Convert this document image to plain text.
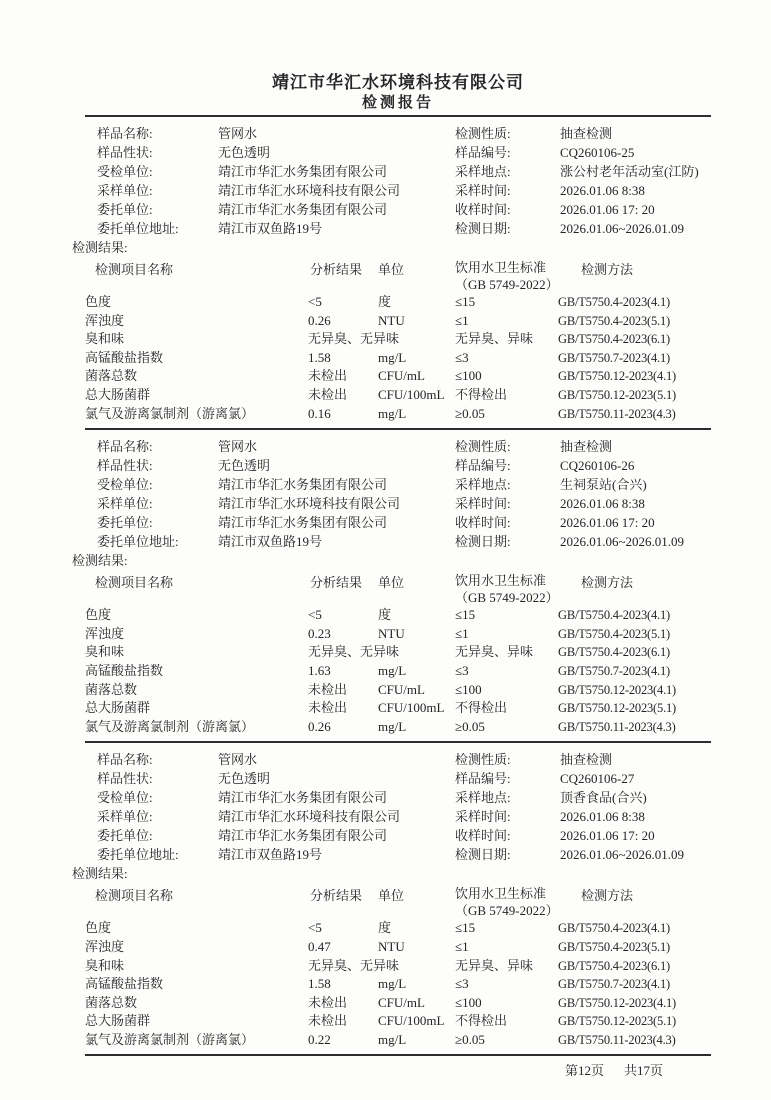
靖江市华汇水环境科技有限公司
检测报告
样品名称:	管网水
样品性状:	无色透明
受检单位:	靖江市华汇水务集团有限公司
采样单位:	靖江市华汇水环境科技有限公司
委托单位:	靖江市华汇水务集团有限公司
委托单位地址:	靖江市双鱼路19号
检测性质:	抽查检测
样品编号:	CQ260106-25
采样地点:	涨公村老年活动室(江防)
采样时间:	2026.01.06 8:38
收样时间:	2026.01.06 17: 20
检测日期:	2026.01.06~2026.01.09
检测结果:
检测项目名称	分析结果	单位	饮用水卫生标准
（GB 5749-2022）
检测方法
色度	<5	度	≤15	GB/T5750.4-2023(4.1)
浑浊度	0.26	NTU	≤1	GB/T5750.4-2023(5.1)
臭和味	无异臭、无异味	无异臭、异味	GB/T5750.4-2023(6.1)
高锰酸盐指数	1.58	mg/L	≤3	GB/T5750.7-2023(4.1)
菌落总数	未检出	CFU/mL	≤100	GB/T5750.12-2023(4.1)
总大肠菌群	未检出	CFU/100mL 不得检出	GB/T5750.12-2023(5.1)
氯气及游离氯制剂（游离氯）	0.16	mg/L	≥0.05	GB/T5750.11-2023(4.3)
样品名称:	管网水
样品性状:	无色透明
受检单位:	靖江市华汇水务集团有限公司
采样单位:	靖江市华汇水环境科技有限公司
委托单位:	靖江市华汇水务集团有限公司
委托单位地址:	靖江市双鱼路19号
检测性质:	抽查检测
样品编号:	CQ260106-26
采样地点:	生祠泵站(合兴)
采样时间:	2026.01.06 8:38
收样时间:	2026.01.06 17: 20
检测日期:	2026.01.06~2026.01.09
检测结果:
检测项目名称	分析结果	单位	饮用水卫生标准
（GB 5749-2022）
检测方法
色度	<5	度	≤15	GB/T5750.4-2023(4.1)
浑浊度	0.23	NTU	≤1	GB/T5750.4-2023(5.1)
臭和味	无异臭、无异味	无异臭、异味	GB/T5750.4-2023(6.1)
高锰酸盐指数	1.63	mg/L	≤3	GB/T5750.7-2023(4.1)
菌落总数	未检出	CFU/mL	≤100	GB/T5750.12-2023(4.1)
总大肠菌群	未检出	CFU/100mL 不得检出	GB/T5750.12-2023(5.1)
氯气及游离氯制剂（游离氯）	0.26	mg/L	≥0.05	GB/T5750.11-2023(4.3)
样品名称:	管网水
样品性状:	无色透明
受检单位:	靖江市华汇水务集团有限公司
采样单位:	靖江市华汇水环境科技有限公司
委托单位:	靖江市华汇水务集团有限公司
委托单位地址:	靖江市双鱼路19号
检测性质:	抽查检测
样品编号:	CQ260106-27
采样地点:	顶香食品(合兴)
采样时间:	2026.01.06 8:38
收样时间:	2026.01.06 17: 20
检测日期:	2026.01.06~2026.01.09
检测结果:
检测项目名称	分析结果	单位	饮用水卫生标准
（GB 5749-2022）
检测方法
色度	<5	度	≤15	GB/T5750.4-2023(4.1)
浑浊度	0.47	NTU	≤1	GB/T5750.4-2023(5.1)
臭和味	无异臭、无异味	无异臭、异味	GB/T5750.4-2023(6.1)
高锰酸盐指数	1.58	mg/L	≤3	GB/T5750.7-2023(4.1)
菌落总数	未检出	CFU/mL	≤100	GB/T5750.12-2023(4.1)
总大肠菌群	未检出	CFU/100mL 不得检出	GB/T5750.12-2023(5.1)
氯气及游离氯制剂（游离氯）	0.22	mg/L	≥0.05	GB/T5750.11-2023(4.3)
第12页 共17页
